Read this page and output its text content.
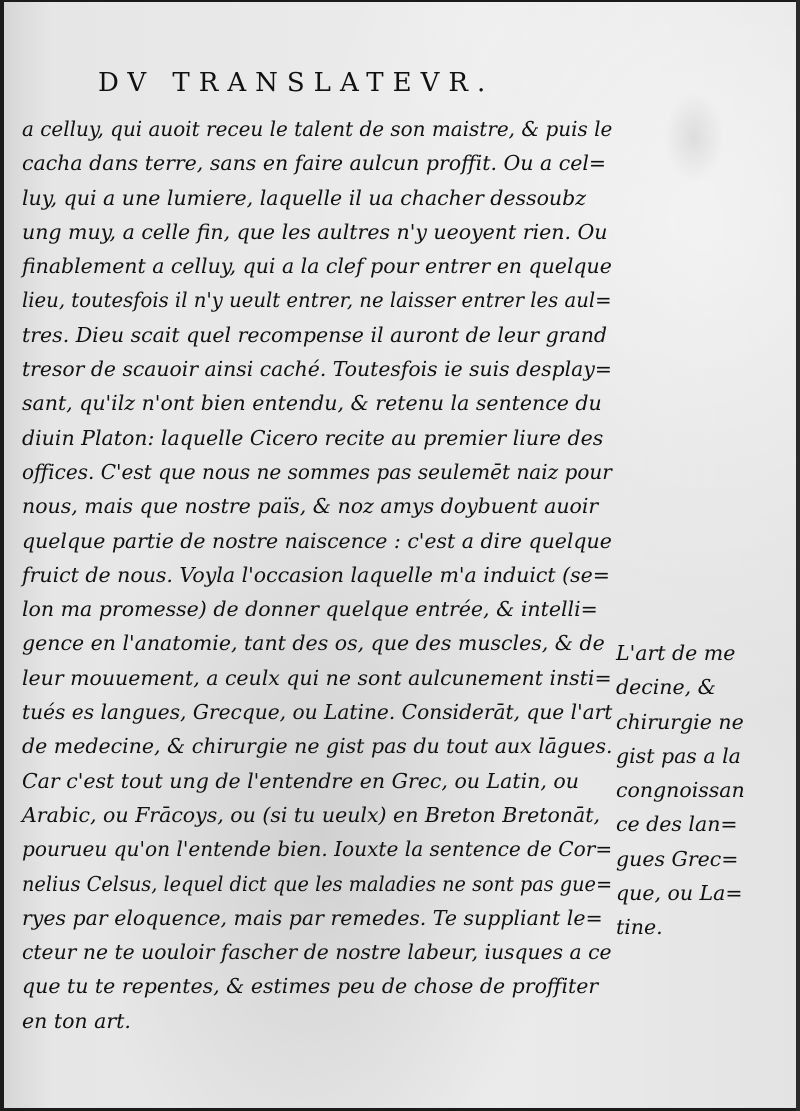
DV TRANSLATEVR.
a celluy, qui auoit receu le talent de son maistre, & puis le
cacha dans terre, sans en faire aulcun proffit. Ou a cel=
luy, qui a une lumiere, laquelle il ua chacher dessoubz
ung muy, a celle fin, que les aultres n'y ueoyent rien. Ou
finablement a celluy, qui a la clef pour entrer en quelque
lieu, toutesfois il n'y ueult entrer, ne laisser entrer les aul=
tres. Dieu scait quel recompense il auront de leur grand
tresor de scauoir ainsi caché. Toutesfois ie suis desplay=
sant, qu'ilz n'ont bien entendu, & retenu la sentence du
diuin Platon: laquelle Cicero recite au premier liure des
offices. C'est que nous ne sommes pas seulemēt naiz pour
nous, mais que nostre païs, & noz amys doybuent auoir
quelque partie de nostre naiscence : c'est a dire quelque
fruict de nous. Voyla l'occasion laquelle m'a induict (se=
lon ma promesse) de donner quelque entrée, & intelli=
gence en l'anatomie, tant des os, que des muscles, & de
leur mouuement, a ceulx qui ne sont aulcunement insti=
tués es langues, Grecque, ou Latine. Considerāt, que l'art
de medecine, & chirurgie ne gist pas du tout aux lāgues.
Car c'est tout ung de l'entendre en Grec, ou Latin, ou
Arabic, ou Frācoys, ou (si tu ueulx) en Breton Bretonāt,
pourueu qu'on l'entende bien. Iouxte la sentence de Cor=
nelius Celsus, lequel dict que les maladies ne sont pas gue=
ryes par eloquence, mais par remedes. Te suppliant le=
cteur ne te uouloir fascher de nostre labeur, iusques a ce
que tu te repentes, & estimes peu de chose de proffiter
en ton art.
L'art de me
decine, &
chirurgie ne
gist pas a la
congnoissan
ce des lan=
gues Grec=
que, ou La=
tine.
